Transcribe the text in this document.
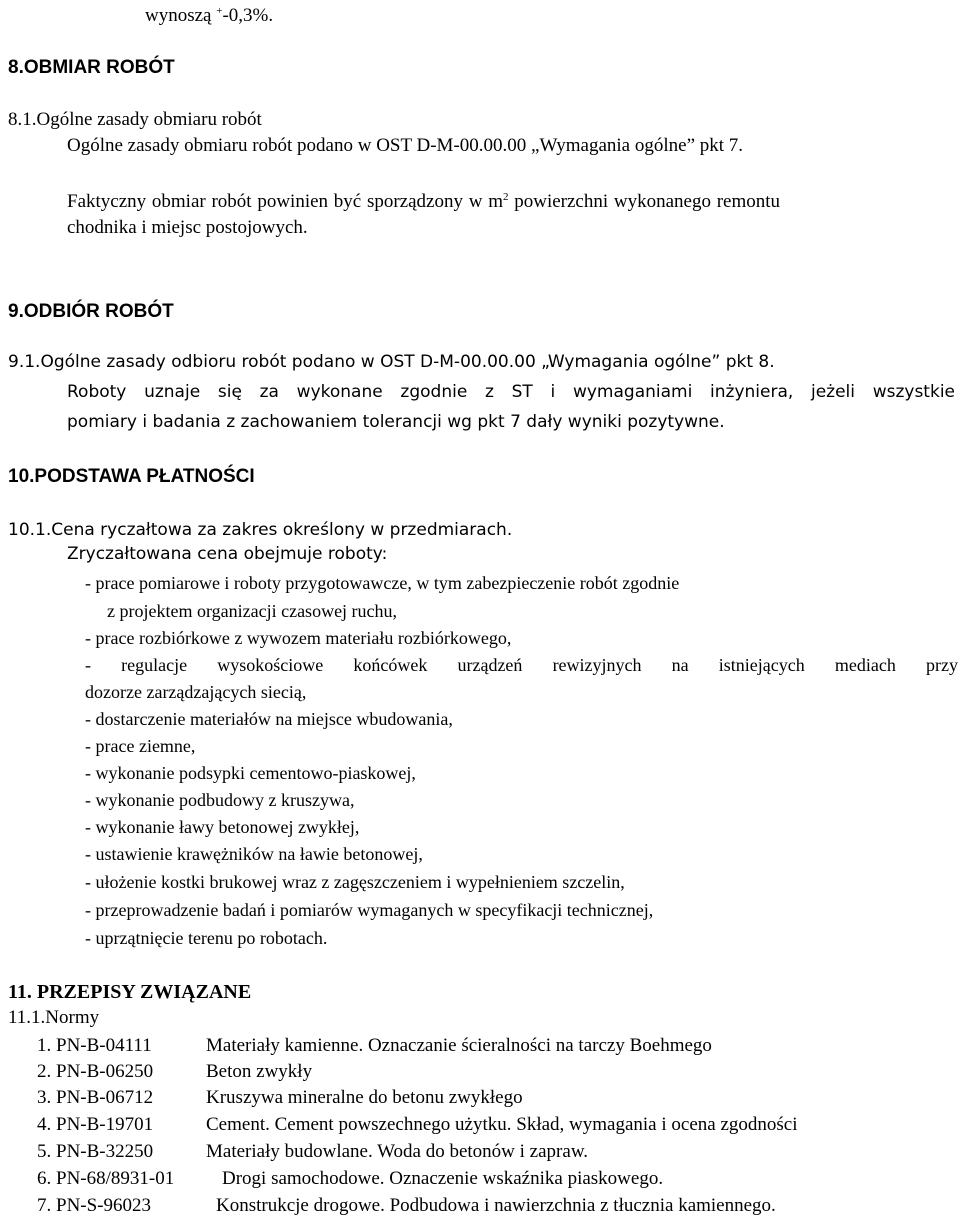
wynoszą +-0,3%.
8.OBMIAR ROBÓT
8.1.Ogólne zasady obmiaru robót
Ogólne zasady obmiaru robót podano w OST D-M-00.00.00 „Wymagania ogólne” pkt 7.
Faktyczny obmiar robót powinien być sporządzony w $m^2$ powierzchni wykonanego remontu
chodnika i miejsc postojowych.
9.ODBIÓR ROBÓT
9.1.Ogólne zasady odbioru robót podano w OST D-M-00.00.00 „Wymagania ogólne” pkt 8.
Roboty uznaje się za wykonane zgodnie z ST i wymaganiami inżyniera, jeżeli wszystkie
pomiary i badania z zachowaniem tolerancji wg pkt 7 dały wyniki pozytywne.
10.PODSTAWA PŁATNOŚCI
10.1.Cena ryczałtowa za zakres określony w przedmiarach.
Zryczałtowana cena obejmuje roboty:
- prace pomiarowe i roboty przygotowawcze, w tym zabezpieczenie robót zgodnie
z projektem organizacji czasowej ruchu,
- prace rozbiórkowe z wywozem materiału rozbiórkowego,
- regulacje wysokościowe końcówek urządzeń rewizyjnych na istniejących mediach przy
dozorze zarządzających siecią,
- dostarczenie materiałów na miejsce wbudowania,
- prace ziemne,
- wykonanie podsypki cementowo-piaskowej,
- wykonanie podbudowy z kruszywa,
- wykonanie ławy betonowej zwykłej,
- ustawienie krawężników na ławie betonowej,
- ułożenie kostki brukowej wraz z zagęszczeniem i wypełnieniem szczelin,
- przeprowadzenie badań i pomiarów wymaganych w specyfikacji technicznej,
- uprzątnięcie terenu po robotach.
11. PRZEPISY ZWIĄZANE
11.1.Normy
1. PN-B-04111	Materiały kamienne. Oznaczanie ścieralności na tarczy Boehmego
2. PN-B-06250	Beton zwykły
3. PN-B-06712	Kruszywa mineralne do betonu zwykłego
4. PN-B-19701	Cement. Cement powszechnego użytku. Skład, wymagania i ocena zgodności
5. PN-B-32250	Materiały budowlane. Woda do betonów i zapraw.
6. PN-68/8931-01	Drogi samochodowe. Oznaczenie wskaźnika piaskowego.
7. PN-S-96023	Konstrukcje drogowe. Podbudowa i nawierzchnia z tłucznia kamiennego.
